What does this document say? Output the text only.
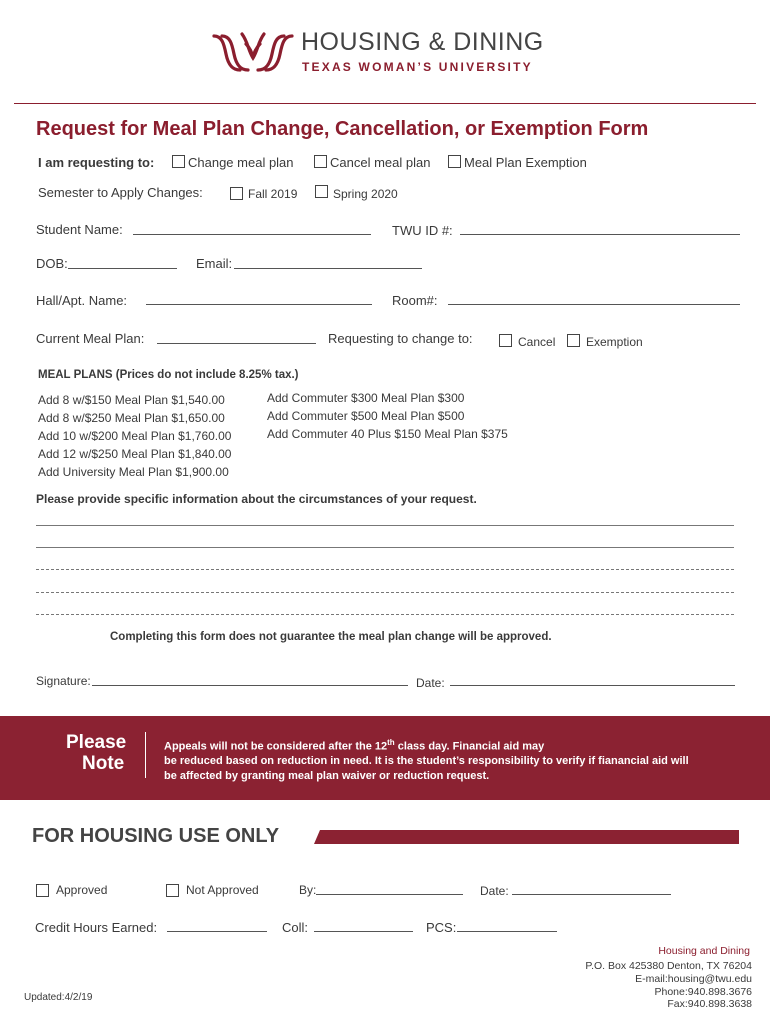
HOUSING & DINING
TEXAS WOMAN’S UNIVERSITY
Request for Meal Plan Change, Cancellation, or Exemption Form
I am requesting to:	Change meal plan	Cancel meal plan	Meal Plan Exemption
Semester to Apply Changes:	Fall 2019	Spring 2020
Student Name:	TWU ID #:
DOB:	Email:
Hall/Apt. Name:	Room#:
Current Meal Plan:	Requesting to change to:	Cancel	Exemption
MEAL PLANS (Prices do not include 8.25% tax.)
Add 8 w/$150 Meal Plan $1,540.00
Add 8 w/$250 Meal Plan $1,650.00
Add 10 w/$200 Meal Plan $1,760.00
Add 12 w/$250 Meal Plan $1,840.00
Add University Meal Plan $1,900.00
Add Commuter $300 Meal Plan $300
Add Commuter $500 Meal Plan $500
Add Commuter 40 Plus $150 Meal Plan $375
Please provide specific information about the circumstances of your request.
Completing this form does not guarantee the meal plan change will be approved.
Signature:	Date:
Please
Note
Appeals will not be considered after the 12th class day. Financial aid may
be reduced based on reduction in need. It is the student’s responsibility to verify if fianancial aid will
be affected by granting meal plan waiver or reduction request.
FOR HOUSING USE ONLY
Approved	Not Approved	By:	Date:
Credit Hours Earned:	Coll:	PCS:
Updated:4/2/19
Housing and Dining
P.O. Box 425380 Denton, TX 76204
E-mail:housing@twu.edu
Phone:940.898.3676
Fax:940.898.3638
